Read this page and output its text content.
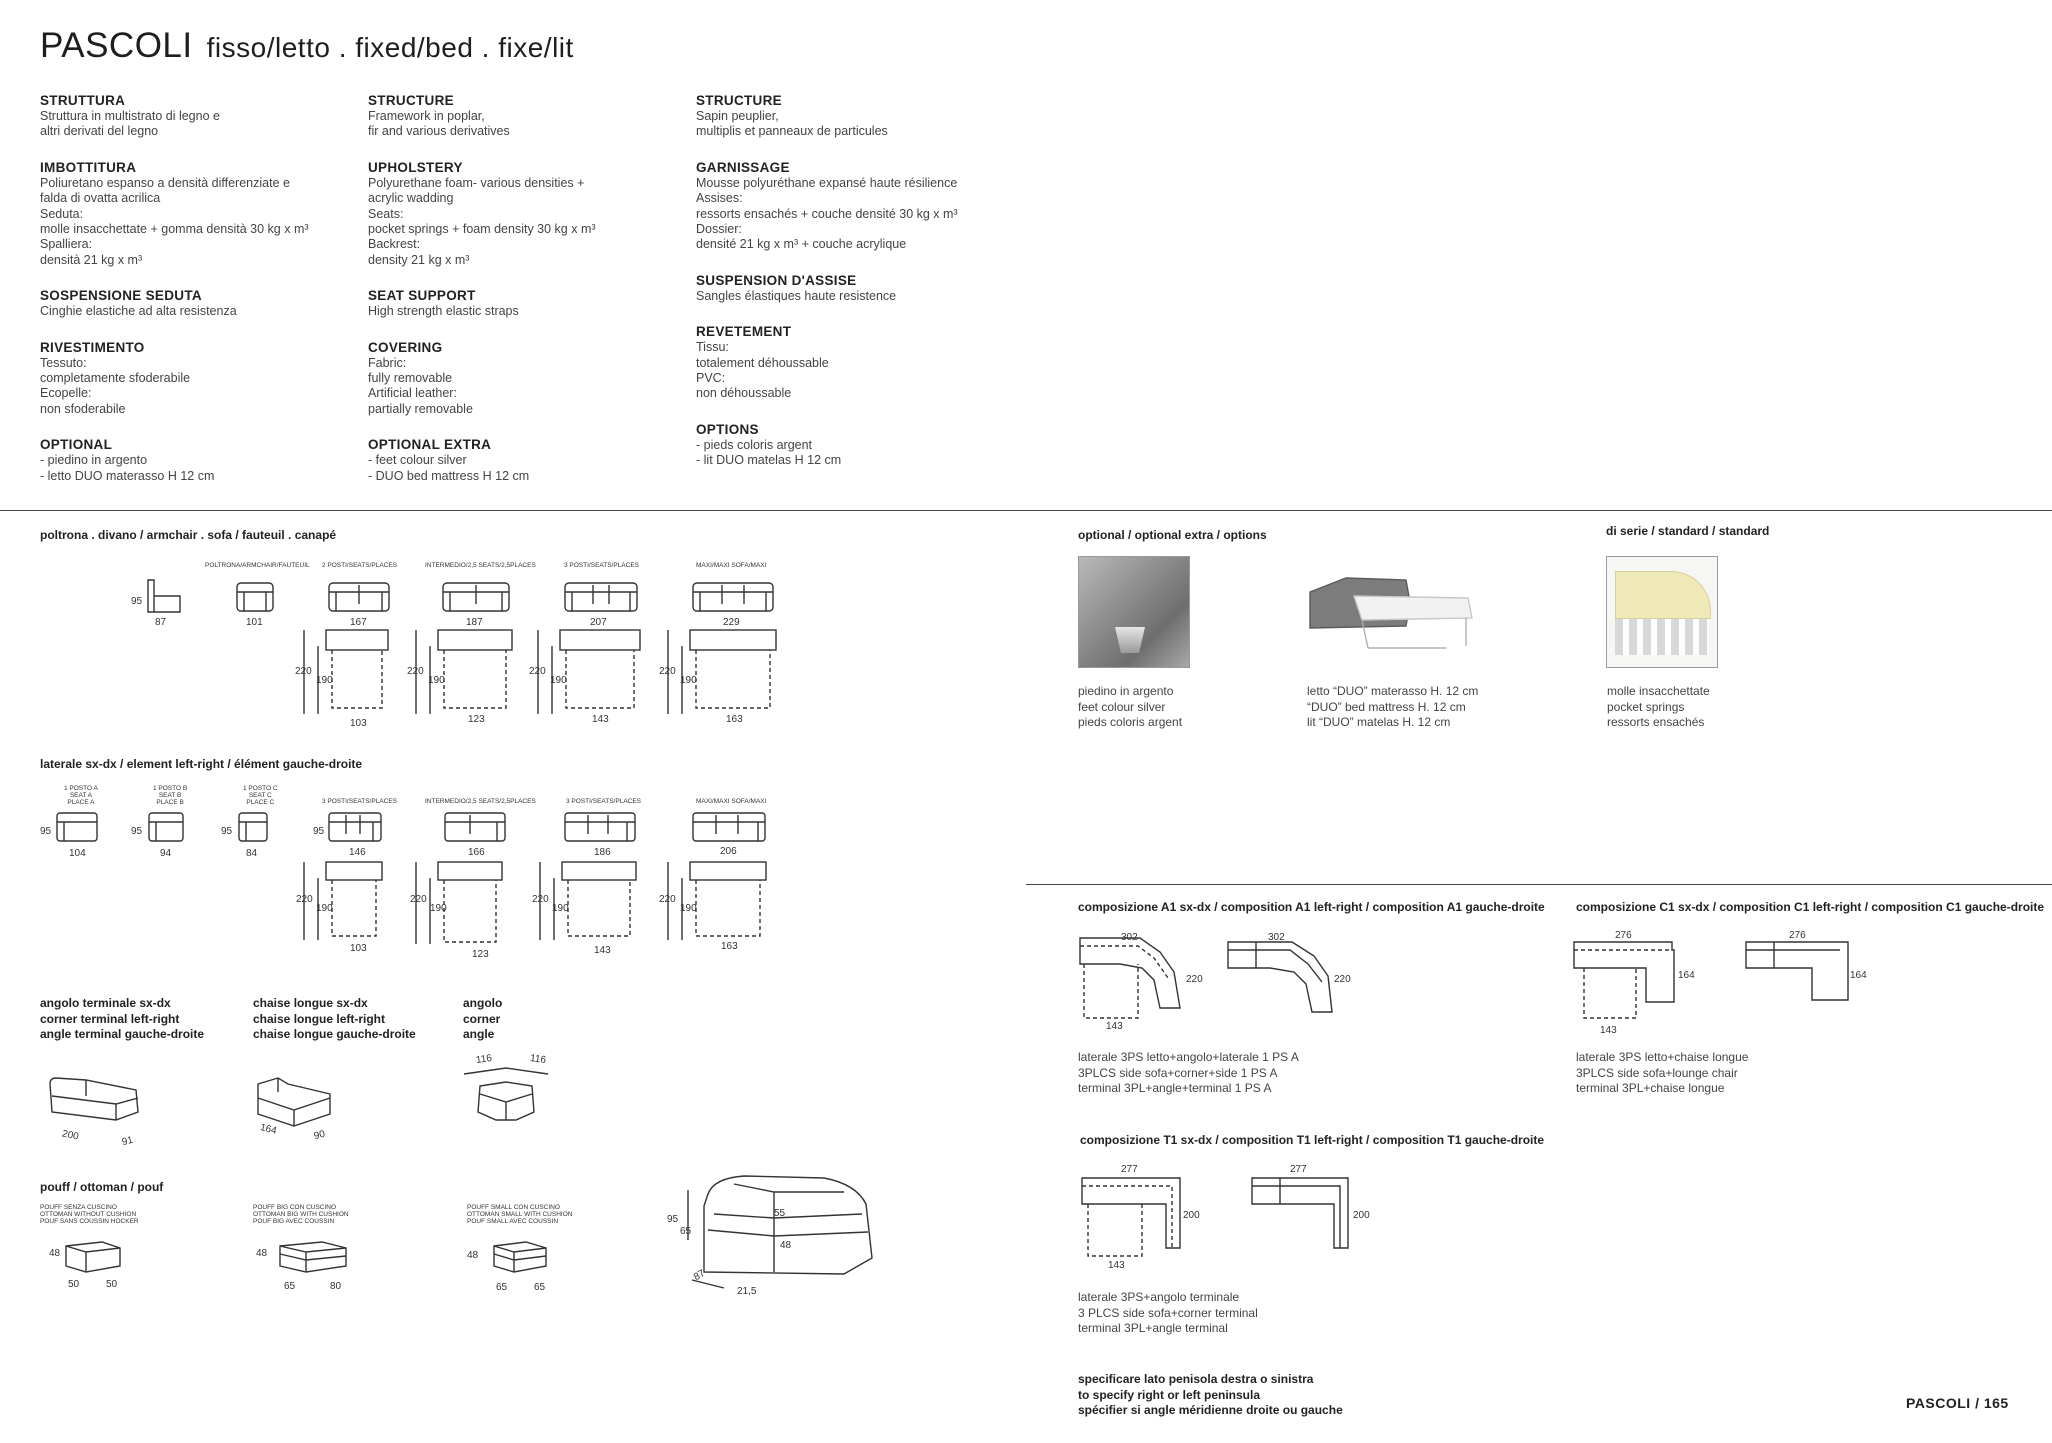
PASCOLI fisso/letto . fixed/bed . fixe/lit
STRUTTURA
Struttura in multistrato di legno e
altri derivati del legno
IMBOTTITURA
Poliuretano espanso a densità differenziate e
falda di ovatta acrilica
Seduta:
molle insacchettate + gomma densità 30 kg x m³
Spalliera:
densità 21 kg x m³
SOSPENSIONE SEDUTA
Cinghie elastiche ad alta resistenza
RIVESTIMENTO
Tessuto:
completamente sfoderabile
Ecopelle:
non sfoderabile
OPTIONAL
- piedino in argento
- letto DUO materasso H 12 cm
STRUCTURE
Framework in poplar,
fir and various derivatives
UPHOLSTERY
Polyurethane foam- various densities +
acrylic wadding
Seats:
pocket springs + foam density 30 kg x m³
Backrest:
density 21 kg x m³
SEAT SUPPORT
High strength elastic straps
COVERING
Fabric:
fully removable
Artificial leather:
partially removable
OPTIONAL EXTRA
- feet colour silver
- DUO bed mattress H 12 cm
STRUCTURE
Sapin peuplier,
multiplis et panneaux de particules
GARNISSAGE
Mousse polyuréthane expansé haute résilience
Assises:
ressorts ensachés + couche densité 30 kg x m³
Dossier:
densité 21 kg x m³ + couche acrylique
SUSPENSION D'ASSISE
Sangles élastiques haute resistence
REVETEMENT
Tissu:
totalement déhoussable
PVC:
non déhoussable
OPTIONS
- pieds coloris argent
- lit DUO matelas H 12 cm
poltrona . divano / armchair . sofa / fauteuil . canapé
POLTRONA/ARMCHAIR/FAUTEUIL 2 POSTI/SEATS/PLACES	INTERMEDIO/2,5 SEATS/2,5PLACES	3 POSTI/SEATS/PLACES	MAXI/MAXI SOFA/MAXI
95
87	101	167	187	207	229
220
190
220
190
220
190
220
190
103	123	143	163
laterale sx-dx / element left-right / élément gauche-droite
1 POSTO A
SEAT A
PLACE A
1 POSTO B
SEAT B
PLACE B
1 POSTO C
SEAT C
PLACE C
95	95	95
104	94	84
3 POSTI/SEATS/PLACES	INTERMEDIO/2,5 SEATS/2,5PLACES	3 POSTI/SEATS/PLACES	MAXI/MAXI SOFA/MAXI
95
146	166	186	206
220
190
220
190
220
190
220
190
103
123	143	163
angolo terminale sx-dx
corner terminal left-right
angle terminal gauche-droite
chaise longue sx-dx
chaise longue left-right
chaise longue gauche-droite
angolo
corner
angle
200	91
164	90
116	116
pouff / ottoman / pouf
POUFF SENZA CUSCINO
OTTOMAN WITHOUT CUSHION
POUF SANS COUSSIN HOCKER
POUFF BIG CON CUSCINO
OTTOMAN BIG WITH CUSHION
POUF BIG AVEC COUSSIN
POUFF SMALL CON CUSCINO
OTTOMAN SMALL WITH CUSHION
POUF SMALL AVEC COUSSIN
48
50	50
48
65	80
48
65	65
95
65
55
48
87
21,5
optional / optional extra / options
piedino in argento
feet colour silver
pieds coloris argent
letto “DUO” materasso H. 12 cm
“DUO” bed mattress H. 12 cm
lit “DUO” matelas H. 12 cm
di serie / standard / standard
molle insacchettate
pocket springs
ressorts ensachés
composizione A1 sx-dx / composition A1 left-right / composition A1 gauche-droite
302
220
143
302
220
laterale 3PS letto+angolo+laterale 1 PS A
3PLCS side sofa+corner+side 1 PS A
terminal 3PL+angle+terminal 1 PS A
composizione C1 sx-dx / composition C1 left-right / composition C1 gauche-droite
276
164
143
276
164
laterale 3PS letto+chaise longue
3PLCS side sofa+lounge chair
terminal 3PL+chaise longue
composizione T1 sx-dx / composition T1 left-right / composition T1 gauche-droite
277
200
143
277
200
laterale 3PS+angolo terminale
3 PLCS side sofa+corner terminal
terminal 3PL+angle terminal
specificare lato penisola destra o sinistra
to specify right or left peninsula
spécifier si angle méridienne droite ou gauche	PASCOLI / 165
